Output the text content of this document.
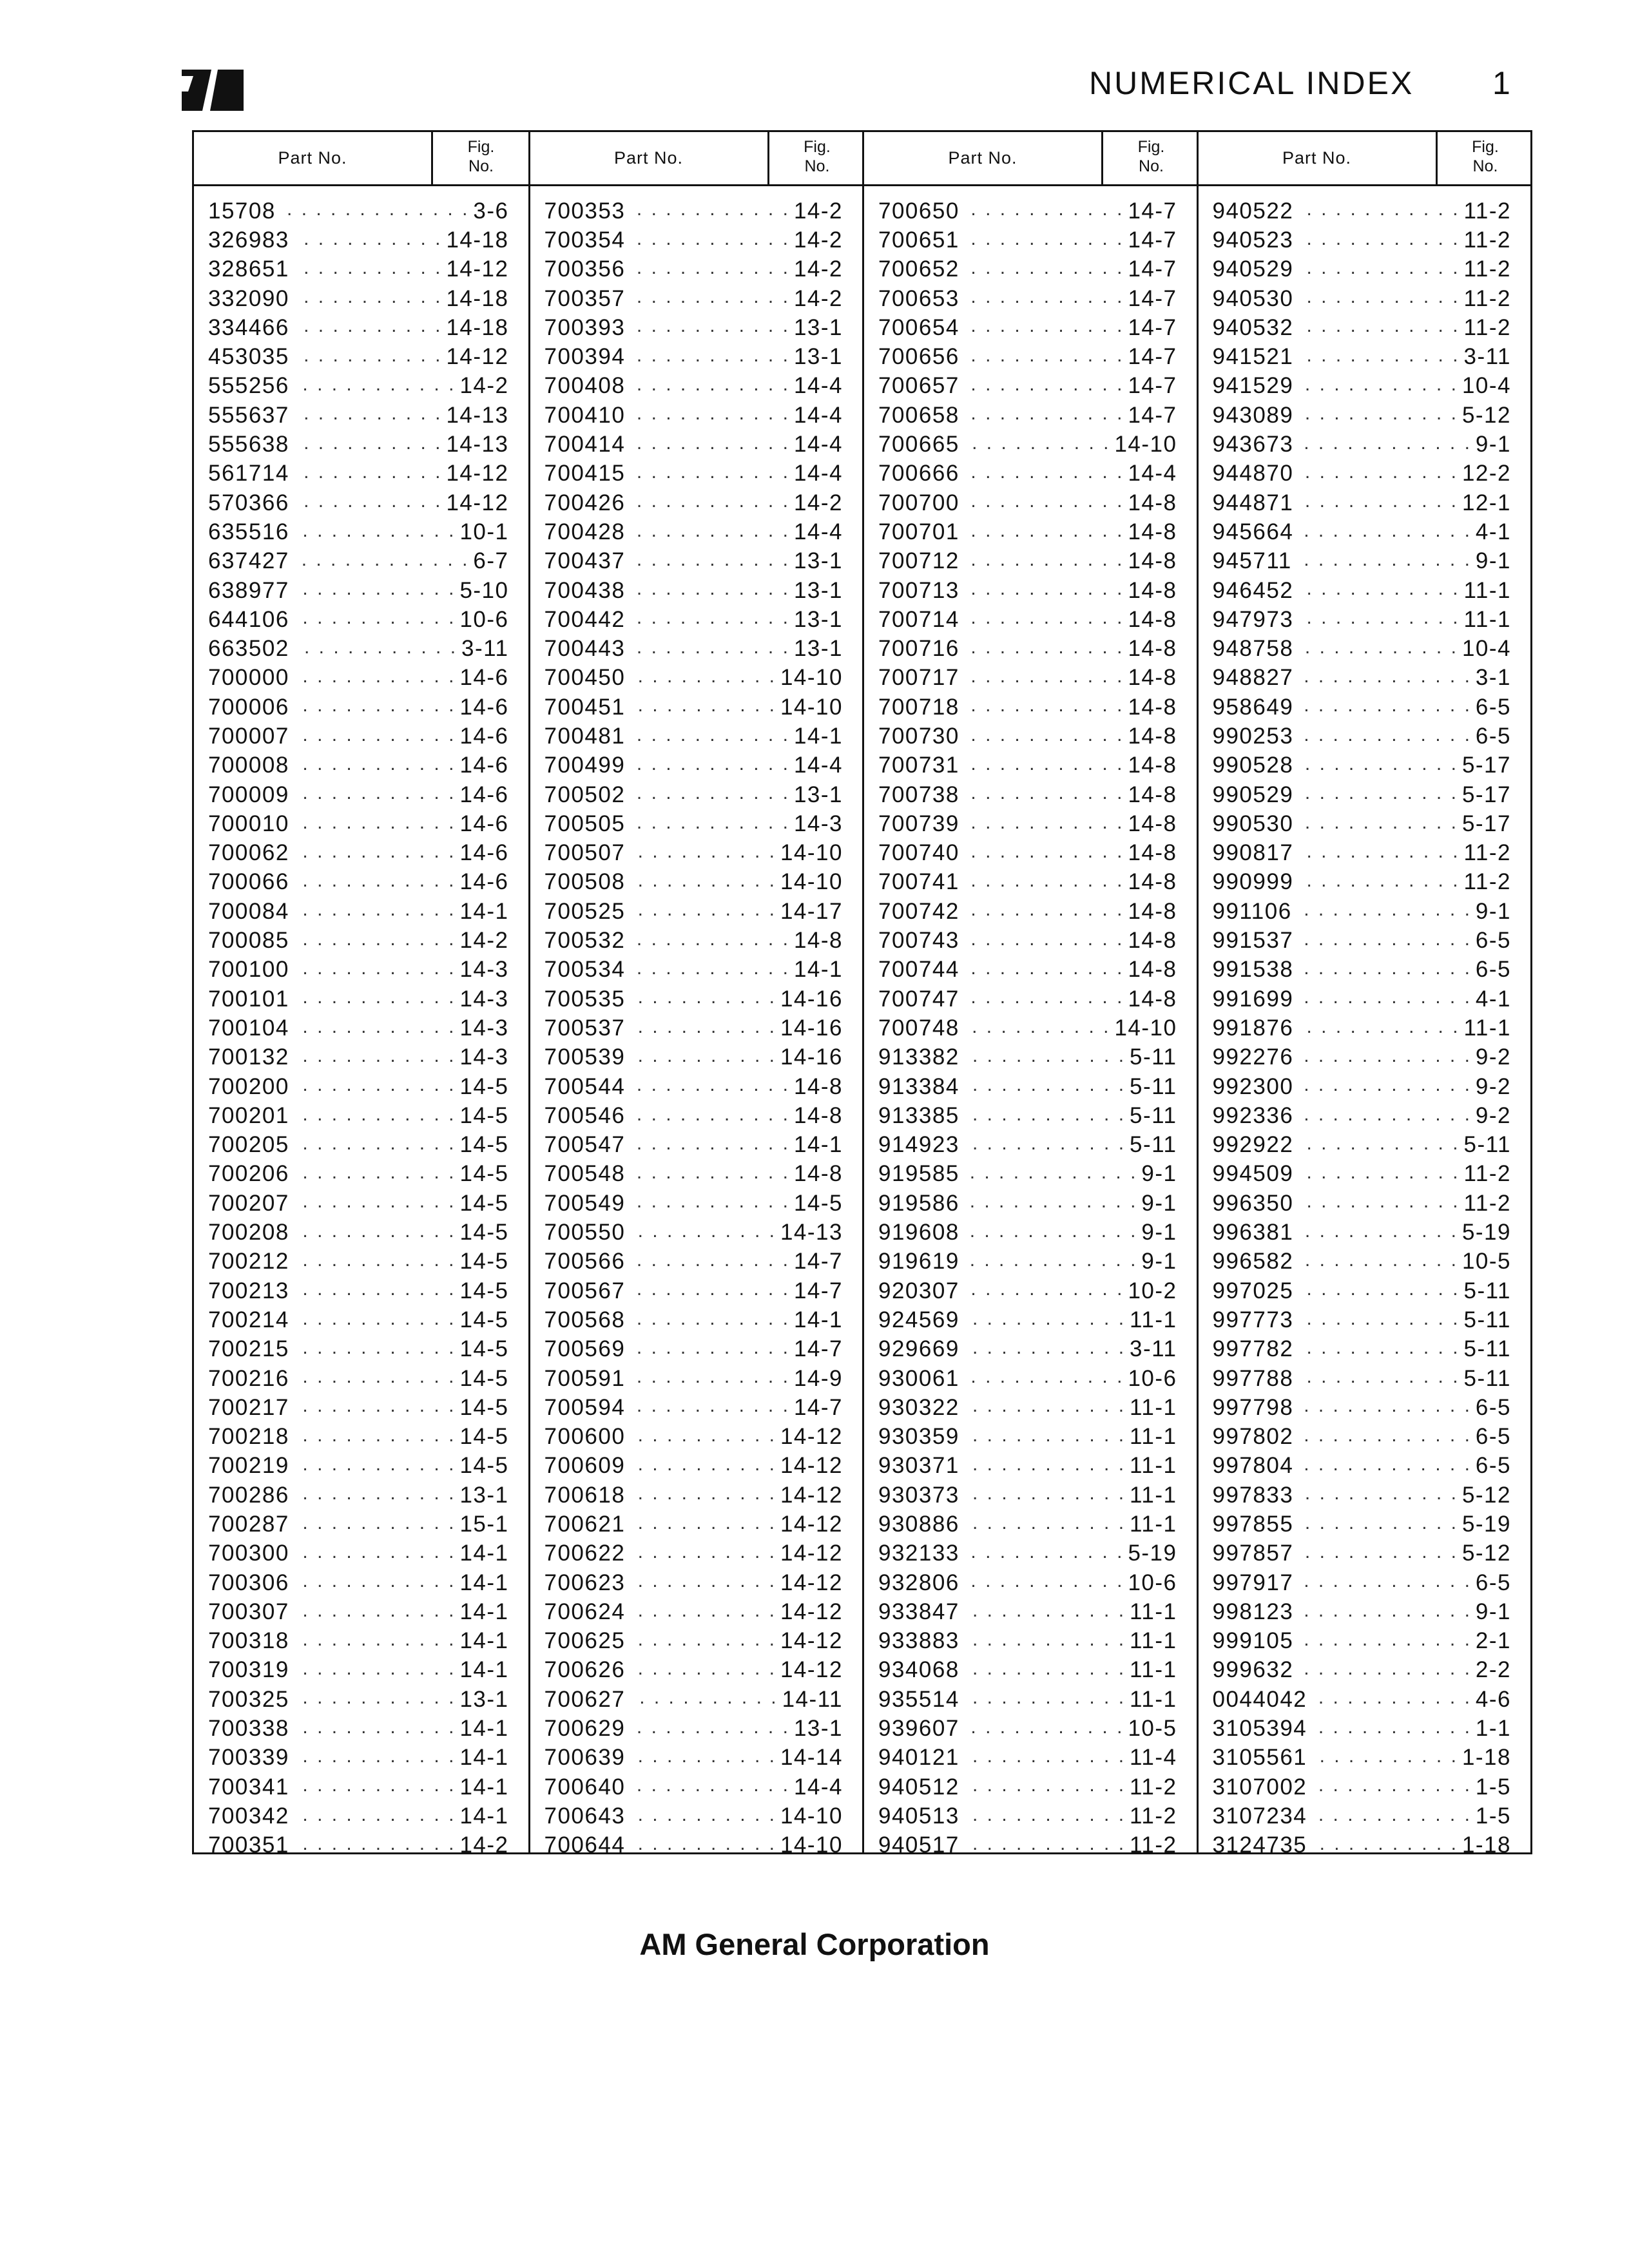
NUMERICAL INDEX 1
Part No.
Fig.
No.
15708 . . .	3-6
326983 . . .	14-18
328651 . . .	14-12
332090 . . .	14-18
334466 . . .	14-18
453035 . . .	14-12
555256 . . .	14-2
555637 . . .	14-13
555638 . . .	14-13
561714 . . .	14-12
570366 . . .	14-12
635516 . . .	10-1
637427 . . .	6-7
638977 . . .	5-10
644106 . . .	10-6
663502 . . .	3-11
700000 . . .	14-6
700006 . . .	14-6
700007 . . .	14-6
700008 . . .	14-6
700009 . . .	14-6
700010 . . .	14-6
700062 . . .	14-6
700066 . . .	14-6
700084 . . .	14-1
700085 . . .	14-2
700100 . . .	14-3
700101 . . .	14-3
700104 . . .	14-3
700132 . . .	14-3
700200 . . .	14-5
700201 . . .	14-5
700205 . . .	14-5
700206 . . .	14-5
700207 . . .	14-5
700208 . . .	14-5
700212 . . .	14-5
700213 . . .	14-5
700214 . . .	14-5
700215 . . .	14-5
700216 . . .	14-5
700217 . . .	14-5
700218 . . .	14-5
700219 . . .	14-5
700286 . . .	13-1
700287 . . .	15-1
700300 . . .	14-1
700306 . . .	14-1
700307 . . .	14-1
700318 . . .	14-1
700319 . . .	14-1
700325 . . .	13-1
700338 . . .	14-1
700339 . . .	14-1
700341 . . .	14-1
700342 . . .	14-1
700351 . . .	14-2
Part No.
Fig.
No.
700353 . . .	14-2
700354 . . .	14-2
700356 . . .	14-2
700357 . . .	14-2
700393 . . .	13-1
700394 . . .	13-1
700408 . . .	14-4
700410 . . .	14-4
700414 . . .	14-4
700415 . . .	14-4
700426 . . .	14-2
700428 . . .	14-4
700437 . . .	13-1
700438 . . .	13-1
700442 . . .	13-1
700443 . . .	13-1
700450 . . .	14-10
700451 . . .	14-10
700481 . . .	14-1
700499 . . .	14-4
700502 . . .	13-1
700505 . . .	14-3
700507 . . .	14-10
700508 . . .	14-10
700525 . . .	14-17
700532 . . .	14-8
700534 . . .	14-1
700535 . . .	14-16
700537 . . .	14-16
700539 . . .	14-16
700544 . . .	14-8
700546 . . .	14-8
700547 . . .	14-1
700548 . . .	14-8
700549 . . .	14-5
700550 . . .	14-13
700566 . . .	14-7
700567 . . .	14-7
700568 . . .	14-1
700569 . . .	14-7
700591 . . .	14-9
700594 . . .	14-7
700600 . . .	14-12
700609 . . .	14-12
700618 . . .	14-12
700621 . . .	14-12
700622 . . .	14-12
700623 . . .	14-12
700624 . . .	14-12
700625 . . .	14-12
700626 . . .	14-12
700627 . . .	14-11
700629 . . .	13-1
700639 . . .	14-14
700640 . . .	14-4
700643 . . .	14-10
700644 . . .	14-10
Part No.
Fig.
No.
700650 . . .	14-7
700651 . . .	14-7
700652 . . .	14-7
700653 . . .	14-7
700654 . . .	14-7
700656 . . .	14-7
700657 . . .	14-7
700658 . . .	14-7
700665 . . .	14-10
700666 . . .	14-4
700700 . . .	14-8
700701 . . .	14-8
700712 . . .	14-8
700713 . . .	14-8
700714 . . .	14-8
700716 . . .	14-8
700717 . . .	14-8
700718 . . .	14-8
700730 . . .	14-8
700731 . . .	14-8
700738 . . .	14-8
700739 . . .	14-8
700740 . . .	14-8
700741 . . .	14-8
700742 . . .	14-8
700743 . . .	14-8
700744 . . .	14-8
700747 . . .	14-8
700748 . . .	14-10
913382 . . .	5-11
913384 . . .	5-11
913385 . . .	5-11
914923 . . .	5-11
919585 . . .	9-1
919586 . . .	9-1
919608 . . .	9-1
919619 . . .	9-1
920307 . . .	10-2
924569 . . .	11-1
929669 . . .	3-11
930061 . . .	10-6
930322 . . .	11-1
930359 . . .	11-1
930371 . . .	11-1
930373 . . .	11-1
930886 . . .	11-1
932133 . . .	5-19
932806 . . .	10-6
933847 . . .	11-1
933883 . . .	11-1
934068 . . .	11-1
935514 . . .	11-1
939607 . . .	10-5
940121 . . .	11-4
940512 . . .	11-2
940513 . . .	11-2
940517 . . .	11-2
Part No.
Fig.
No.
940522 . . .	11-2
940523 . . .	11-2
940529 . . .	11-2
940530 . . .	11-2
940532 . . .	11-2
941521 . . .	3-11
941529 . . .	10-4
943089 . . .	5-12
943673 . . .	9-1
944870 . . .	12-2
944871 . . .	12-1
945664 . . .	4-1
945711 . . .	9-1
946452 . . .	11-1
947973 . . .	11-1
948758 . . .	10-4
948827 . . .	3-1
958649 . . .	6-5
990253 . . .	6-5
990528 . . .	5-17
990529 . . .	5-17
990530 . . .	5-17
990817 . . .	11-2
990999 . . .	11-2
991106 . . .	9-1
991537 . . .	6-5
991538 . . .	6-5
991699 . . .	4-1
991876 . . .	11-1
992276 . . .	9-2
992300 . . .	9-2
992336 . . .	9-2
992922 . . .	5-11
994509 . . .	11-2
996350 . . .	11-2
996381 . . .	5-19
996582 . . .	10-5
997025 . . .	5-11
997773 . . .	5-11
997782 . . .	5-11
997788 . . .	5-11
997798 . . .	6-5
997802 . . .	6-5
997804 . . .	6-5
997833 . . .	5-12
997855 . . .	5-19
997857 . . .	5-12
997917 . . .	6-5
998123 . . .	9-1
999105 . . .	2-1
999632 . . .	2-2
0044042 . . .	4-6
3105394 . . .	1-1
3105561 . . .	1-18
3107002 . . .	1-5
3107234 . . .	1-5
3124735 . . .	1-18
AM General Corporation
